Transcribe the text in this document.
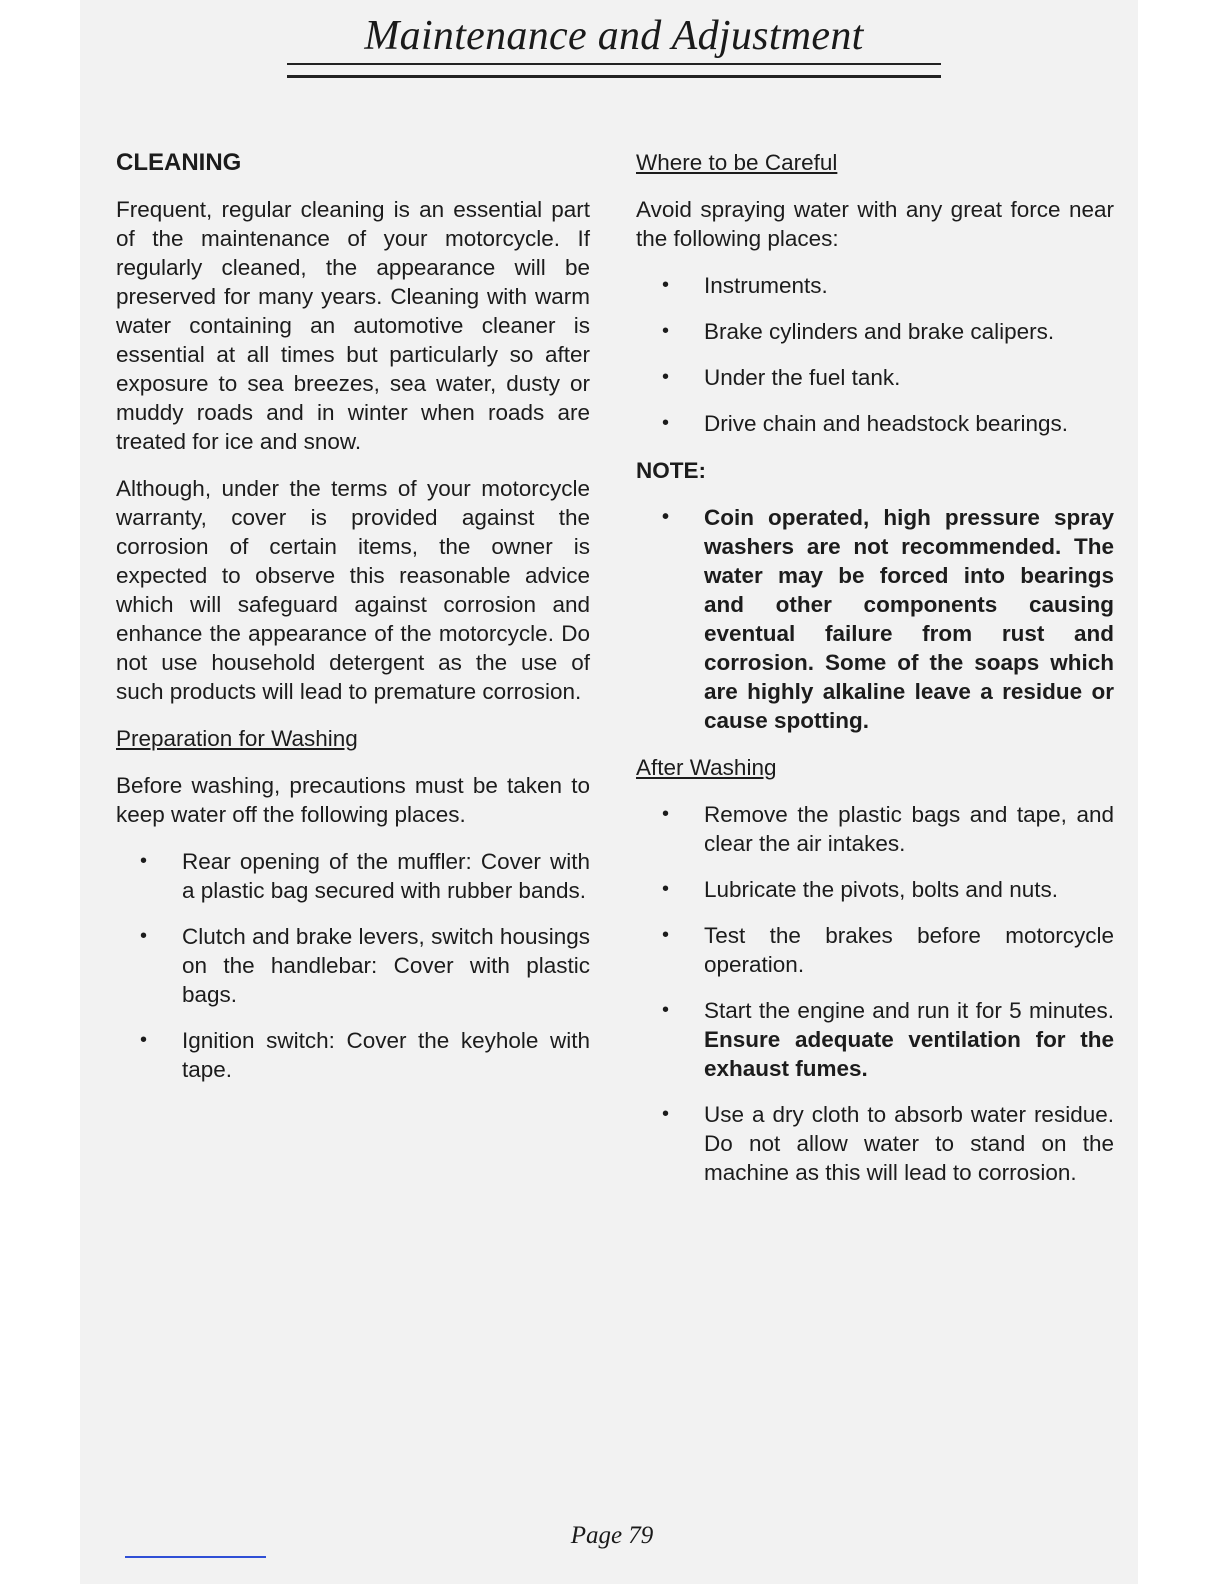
Maintenance and Adjustment
CLEANING

Frequent, regular cleaning is an essential part of the maintenance of your motorcycle. If regularly cleaned, the appearance will be preserved for many years. Cleaning with warm water containing an automotive cleaner is essential at all times but particularly so after exposure to sea breezes, sea water, dusty or muddy roads and in winter when roads are treated for ice and snow.

Although, under the terms of your motorcycle warranty, cover is provided against the corrosion of certain items, the owner is expected to observe this reasonable advice which will safeguard against corrosion and enhance the appearance of the motorcycle. Do not use household detergent as the use of such products will lead to premature corrosion.

Preparation for Washing

Before washing, precautions must be taken to keep water off the following places.

• Rear opening of the muffler: Cover with a plastic bag secured with rubber bands.
• Clutch and brake levers, switch housings on the handlebar: Cover with plastic bags.
• Ignition switch: Cover the keyhole with tape.
Where to be Careful

Avoid spraying water with any great force near the following places:

• Instruments.
• Brake cylinders and brake calipers.
• Under the fuel tank.
• Drive chain and headstock bearings.
NOTE:
• Coin operated, high pressure spray washers are not recommended. The water may be forced into bearings and other components causing eventual failure from rust and corrosion. Some of the soaps which are highly alkaline leave a residue or cause spotting.
After Washing
• Remove the plastic bags and tape, and clear the air intakes.
• Lubricate the pivots, bolts and nuts.
• Test the brakes before motorcycle operation.
• Start the engine and run it for 5 minutes. Ensure adequate ventilation for the exhaust fumes.
• Use a dry cloth to absorb water residue. Do not allow water to stand on the machine as this will lead to corrosion.
Page 79
